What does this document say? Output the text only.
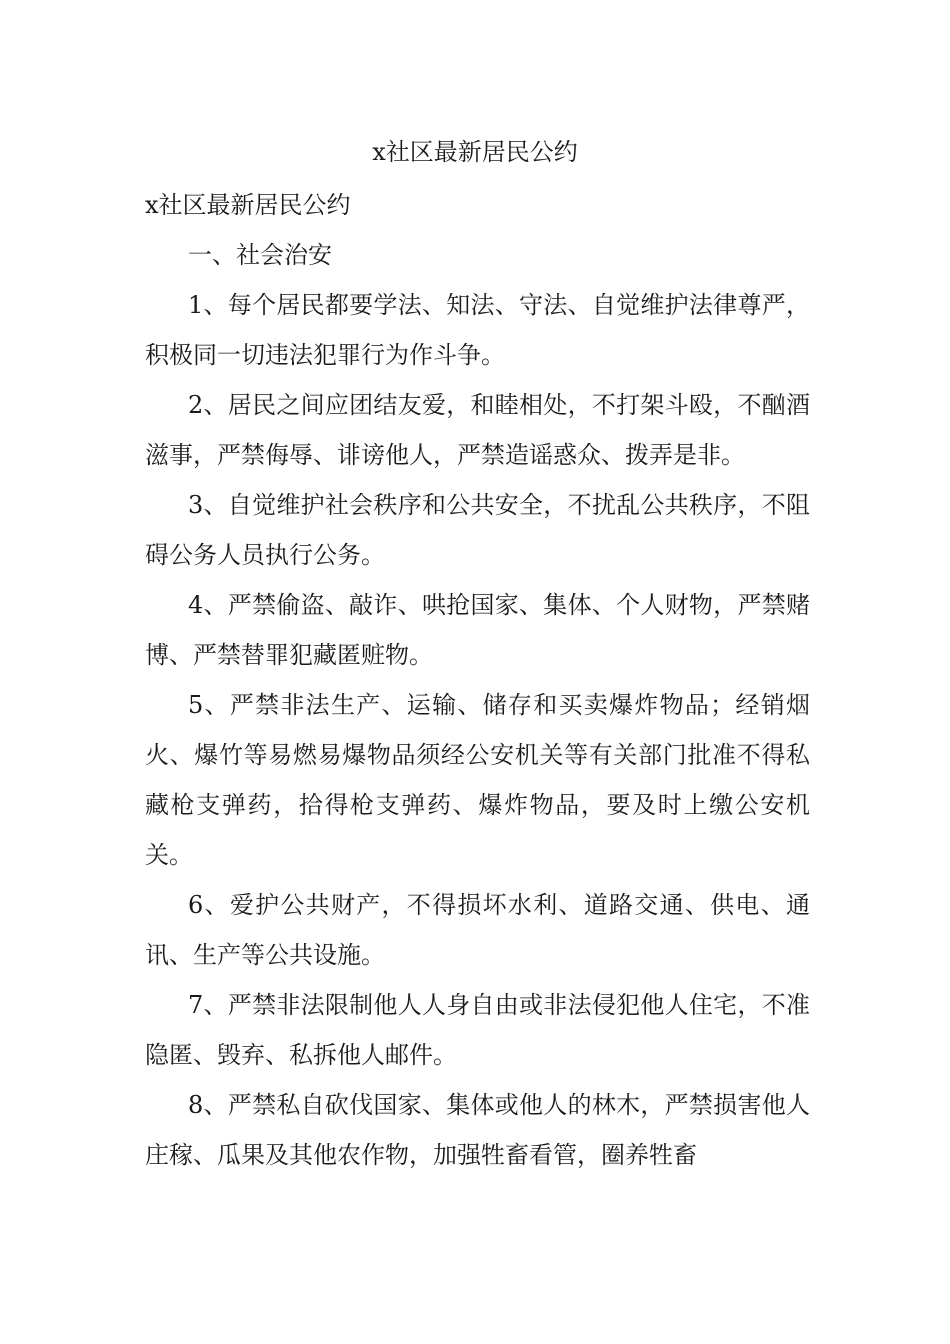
x社区最新居民公约

x社区最新居民公约

一、社会治安

1、每个居民都要学法、知法、守法、自觉维护法律尊严，积极同一切违法犯罪行为作斗争。

2、居民之间应团结友爱，和睦相处，不打架斗殴，不酗酒滋事，严禁侮辱、诽谤他人，严禁造谣惑众、拨弄是非。

3、自觉维护社会秩序和公共安全，不扰乱公共秩序，不阻碍公务人员执行公务。

4、严禁偷盗、敲诈、哄抢国家、集体、个人财物，严禁赌博、严禁替罪犯藏匿赃物。

5、严禁非法生产、运输、储存和买卖爆炸物品；经销烟火、爆竹等易燃易爆物品须经公安机关等有关部门批准不得私藏枪支弹药，拾得枪支弹药、爆炸物品，要及时上缴公安机关。

6、爱护公共财产，不得损坏水利、道路交通、供电、通讯、生产等公共设施。

7、严禁非法限制他人人身自由或非法侵犯他人住宅，不准隐匿、毁弃、私拆他人邮件。

8、严禁私自砍伐国家、集体或他人的林木，严禁损害他人庄稼、瓜果及其他农作物，加强牲畜看管，圈养牲畜
